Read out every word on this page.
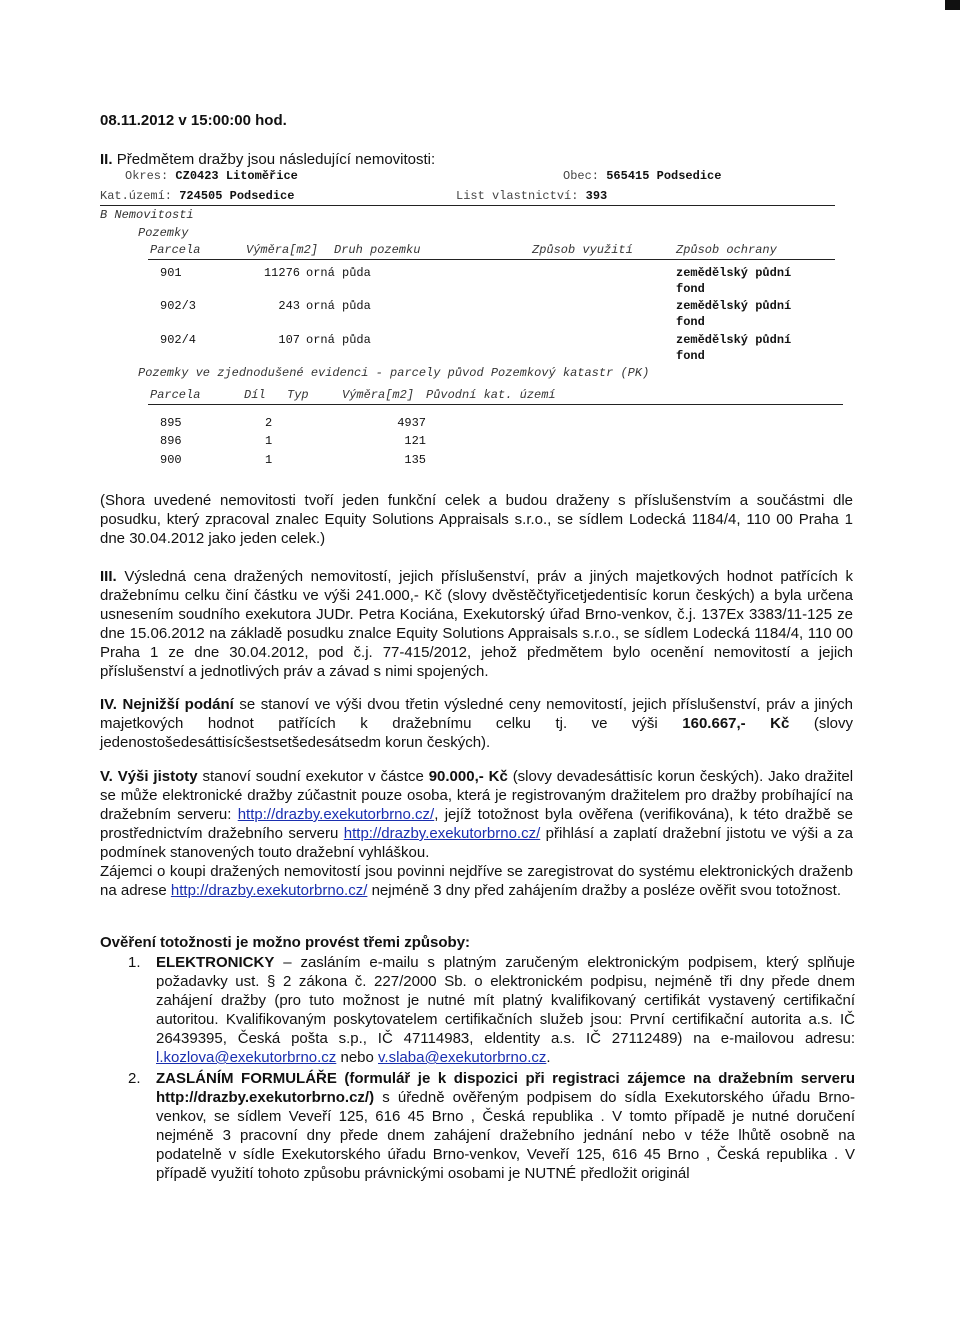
08.11.2012 v 15:00:00 hod.
II. Předmětem dražby jsou následující nemovitosti:
Okres: CZ0423 Litoměřice	Obec: 565415 Podsedice
Kat.území: 724505 Podsedice	List vlastnictví: 393
B Nemovitosti
Pozemky
Parcela	Výměra[m2] Druh pozemku	Způsob využití	Způsob ochrany
901	11276 orná půda	zemědělský půdní
fond
902/3	243 orná půda	zemědělský půdní
fond
902/4	107 orná půda	zemědělský půdní
fond
Pozemky ve zjednodušené evidenci - parcely původ Pozemkový katastr (PK)
Parcela	Díl Typ	Výměra[m2] Původní kat. území
895	2	4937
896	1	121
900	1	135
(Shora uvedené nemovitosti tvoří jeden funkční celek a budou draženy s příslušenstvím a součástmi dle posudku, který zpracoval znalec Equity Solutions Appraisals s.r.o., se sídlem Lodecká 1184/4, 110 00 Praha 1 dne 30.04.2012 jako jeden celek.)
III. Výsledná cena dražených nemovitostí, jejich příslušenství, práv a jiných majetkových hodnot patřících k dražebnímu celku činí částku ve výši 241.000,- Kč (slovy dvěstěčtyřicetjedentisíc korun českých) a byla určena usnesením soudního exekutora JUDr. Petra Kociána, Exekutorský úřad Brno-venkov, č.j. 137Ex 3383/11-125 ze dne 15.06.2012 na základě posudku znalce Equity Solutions Appraisals s.r.o., se sídlem Lodecká 1184/4, 110 00 Praha 1 ze dne 30.04.2012, pod č.j. 77-415/2012, jehož předmětem bylo ocenění nemovitostí a jejich příslušenství a jednotlivých práv a závad s nimi spojených.
IV. Nejnižší podání se stanoví ve výši dvou třetin výsledné ceny nemovitostí, jejich příslušenství, práv a jiných majetkových hodnot patřících k dražebnímu celku tj. ve výši 160.667,- Kč (slovy jedenostošedesáttisícšestsetšedesátsedm korun českých).
V. Výši jistoty stanoví soudní exekutor v částce 90.000,- Kč (slovy devadesáttisíc korun českých). Jako dražitel se může elektronické dražby zúčastnit pouze osoba, která je registrovaným dražitelem pro dražby probíhající na dražebním serveru: http://drazby.exekutorbrno.cz/, jejíž totožnost byla ověřena (verifikována), k této dražbě se prostřednictvím dražebního serveru http://drazby.exekutorbrno.cz/ přihlásí a zaplatí dražební jistotu ve výši a za podmínek stanovených touto dražební vyhláškou.
Zájemci o koupi dražených nemovitostí jsou povinni nejdříve se zaregistrovat do systému elektronických draženb na adrese http://drazby.exekutorbrno.cz/ nejméně 3 dny před zahájením dražby a posléze ověřit svou totožnost.
Ověření totožnosti je možno provést třemi způsoby:
1. ELEKTRONICKY – zasláním e-mailu s platným zaručeným elektronickým podpisem, který splňuje požadavky ust. § 2 zákona č. 227/2000 Sb. o elektronickém podpisu, nejméně tři dny přede dnem zahájení dražby (pro tuto možnost je nutné mít platný kvalifikovaný certifikát vystavený certifikační autoritou. Kvalifikovaným poskytovatelem certifikačních služeb jsou: První certifikační autorita a.s. IČ 26439395, Česká pošta s.p., IČ 47114983, eldentity a.s. IČ 27112489) na e-mailovou adresu: l.kozlova@exekutorbrno.cz nebo v.slaba@exekutorbrno.cz.
2. ZASLÁNÍM FORMULÁŘE (formulář je k dispozici při registraci zájemce na dražebním serveru http://drazby.exekutorbrno.cz/) s úředně ověřeným podpisem do sídla Exekutorského úřadu Brno-venkov, se sídlem Veveří 125, 616 45 Brno , Česká republika . V tomto případě je nutné doručení nejméně 3 pracovní dny přede dnem zahájení dražebního jednání nebo v téže lhůtě osobně na podatelně v sídle Exekutorského úřadu Brno-venkov, Veveří 125, 616 45 Brno , Česká republika . V případě využití tohoto způsobu právnickými osobami je NUTNÉ předložit originál
